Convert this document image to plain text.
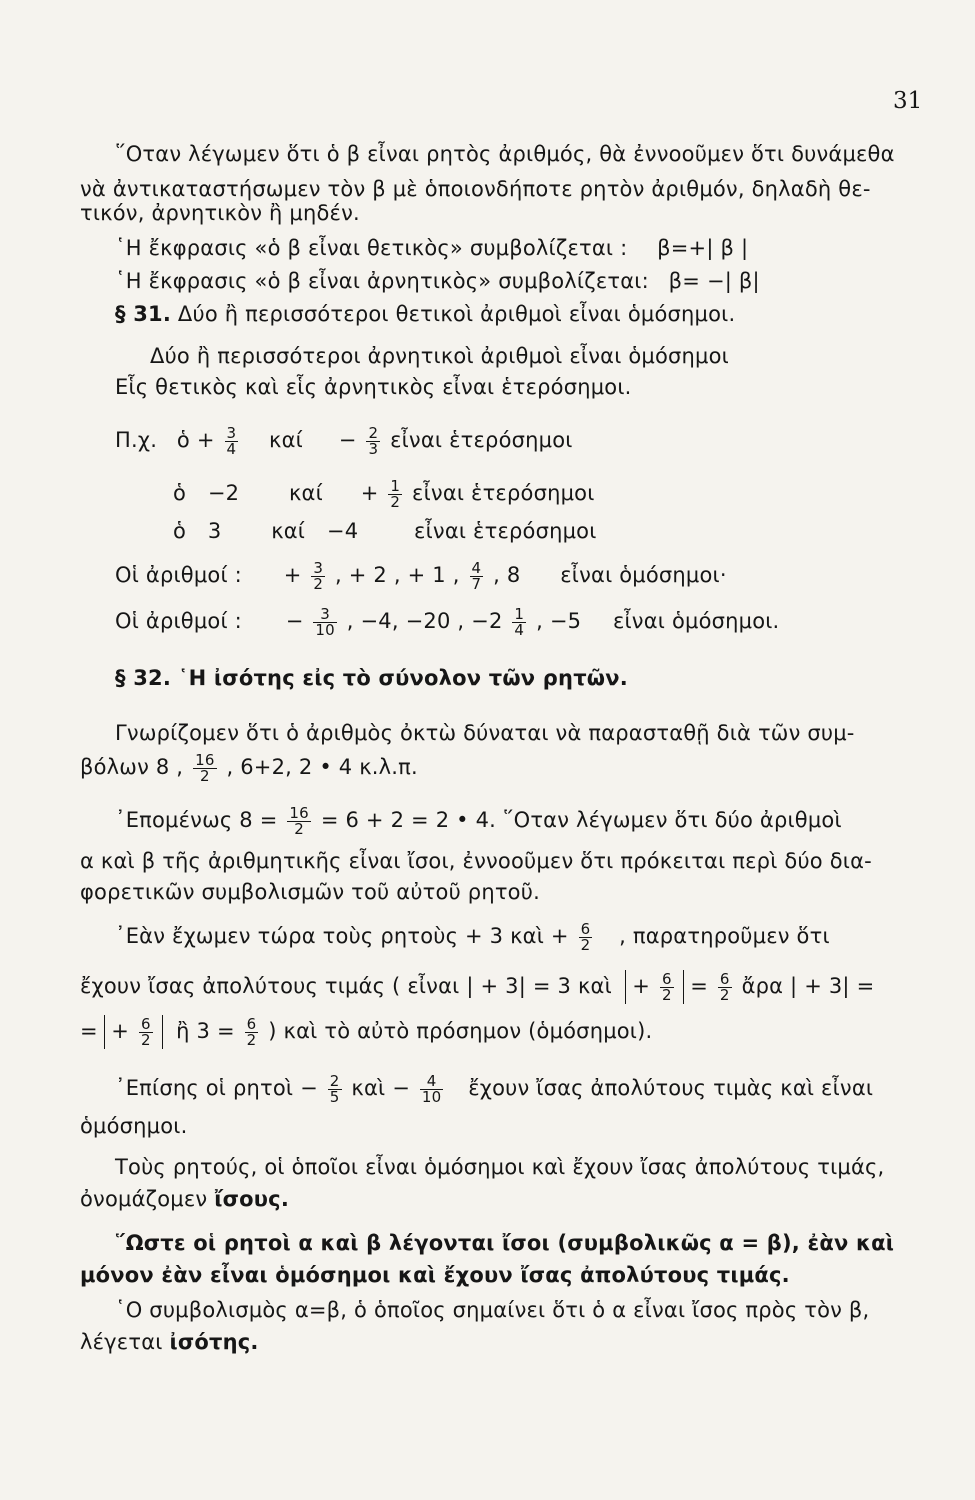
31
῞Οταν λέγωμεν ὅτι ὁ β εἶναι ρητὸς ἀριθμός, θὰ ἐννοοῦμεν ὅτι δυνάμεθα
νὰ ἀντικαταστήσωμεν τὸν β μὲ ὁποιονδήποτε ρητὸν ἀριθμόν, δηλαδὴ θε-
τικόν, ἀρνητικὸν ἢ μηδέν.
῾Η ἔκφρασις «ὁ β εἶναι θετικὸς» συμβολίζεται : β=+| β |
῾Η ἔκφρασις «ὁ β εἶναι ἀρνητικὸς» συμβολίζεται: β= −| β|
§ 31. Δύο ἢ περισσότεροι θετικοὶ ἀριθμοὶ εἶναι ὁμόσημοι.
Δύο ἢ περισσότεροι ἀρνητικοὶ ἀριθμοὶ εἶναι ὁμόσημοι
Εἷς θετικὸς καὶ εἷς ἀρνητικὸς εἶναι ἑτερόσημοι.
Π.χ. ὁ + $\frac{3}{4}$ $\kappa\alpha ί - \frac{2}{3}$ εἶναι ἑτερόσημοι
ὁ −2 $\kappa\alpha ί + \frac{1}{2}$ εἶναι ἑτερόσημοι
ὁ 3 καί −4	εἶναι ἑτερόσημοι
Οἱ ἀριθμοί : + $\frac{3}{2}$ , + 2 , + 1 , $\frac{4}{7}$ , 8 εἶναι ὁμόσημοι·
Οἱ ἀριθμοί : − $\frac{3}{10}$ , −4, −20 , $-2 \frac{1}{4}$ , −5 εἶναι ὁμόσημοι.
§ 32. ῾Η ἰσότης εἰς τὸ σύνολον τῶν ρητῶν.
Γνωρίζομεν ὅτι ὁ ἀριθμὸς ὀκτὼ δύναται νὰ παρασταθῇ διὰ τῶν συμ-
βόλων 8 , $\frac{16}{2}$ , 6+2, 2 • 4 κ.λ.π.
᾿Επομένως $8 = \frac{16}{2} = 6 + 2 = 2$ • 4. ῞Οταν λέγωμεν ὅτι δύο ἀριθμοὶ
α καὶ β τῆς ἀριθμητικῆς εἶναι ἴσοι, ἐννοοῦμεν ὅτι πρόκειται περὶ δύο δια-
φορετικῶν συμβολισμῶν τοῦ αὐτοῦ ρητοῦ.
᾿Εὰν ἔχωμεν τώρα τοὺς ρητοὺς + 3 καὶ + $\frac{6}{2}$ , παρατηροῦμεν ὅτι
ἔχουν ἴσας ἀπολύτους τιμάς ( εἶναι | + 3| = 3 καὶ + $\frac{6}{2} = \frac{6}{2}$ ἄρα | + 3| =
= + $\frac{6}{2}$ ἢ $3 = \frac{6}{2}$ ) καὶ τὸ αὐτὸ πρόσημον (ὁμόσημοι).
᾿Επίσης οἱ ρητοὶ − $\frac{2}{5}$ καὶ − $\frac{4}{10}$ ἔχουν ἴσας ἀπολύτους τιμὰς καὶ εἶναι
ὁμόσημοι.
Τοὺς ρητούς, οἱ ὁποῖοι εἶναι ὁμόσημοι καὶ ἔχουν ἴσας ἀπολύτους τιμάς,
ὀνομάζομεν ἴσους.
῞Ωστε οἱ ρητοὶ α καὶ β λέγονται ἴσοι (συμβολικῶς α = β), ἐὰν καὶ
μόνον ἐὰν εἶναι ὁμόσημοι καὶ ἔχουν ἴσας ἀπολύτους τιμάς.
῾Ο συμβολισμὸς α=β, ὁ ὁποῖος σημαίνει ὅτι ὁ α εἶναι ἴσος πρὸς τὸν β,
λέγεται ἰσότης.
